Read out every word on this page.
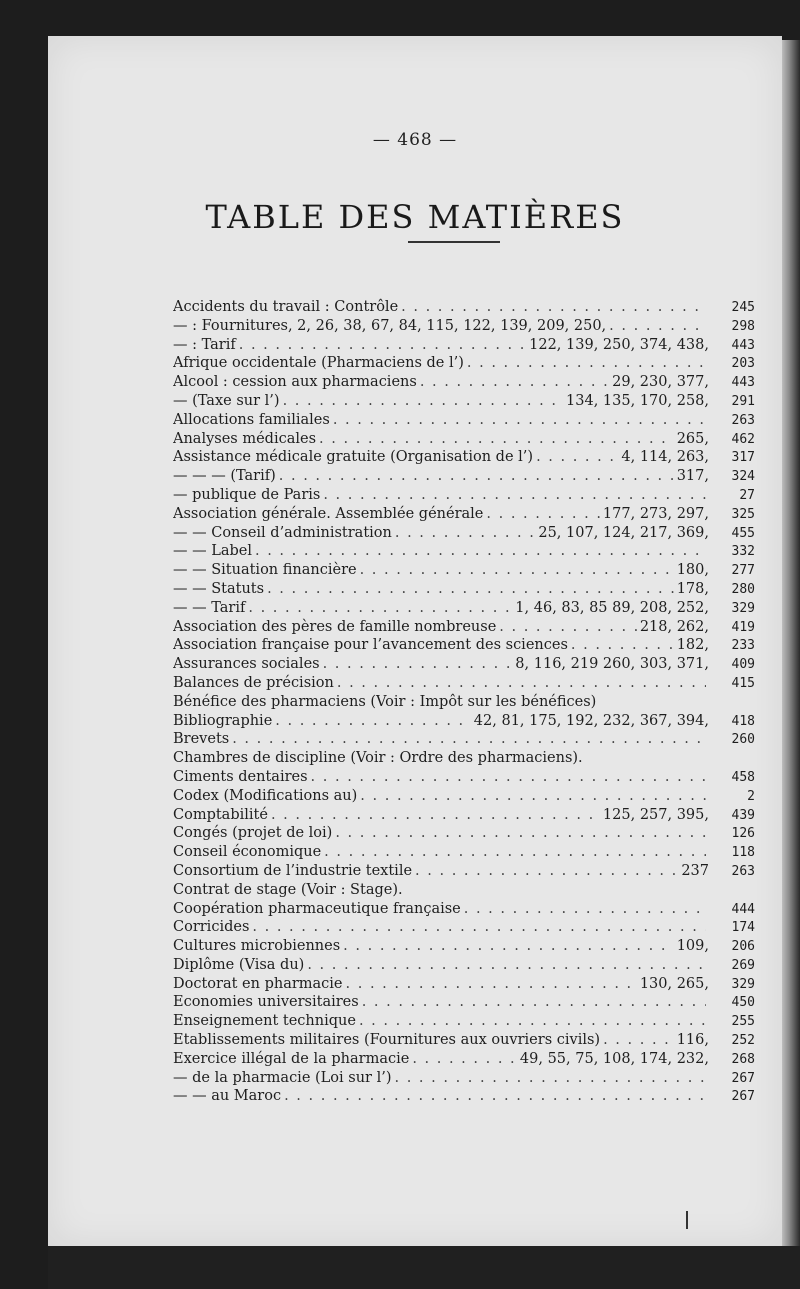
— 468 —
TABLE DES MATIÈRES
Accidents du travail : Contrôle . . .	245
— : Fournitures, 2, 26, 38, 67, 84, 115, 122, 139, 209, 250, . . .	298
— : Tarif . . .	122, 139, 250, 374, 438,	443
Afrique occidentale (Pharmaciens de l’) . . .	203
Alcool : cession aux pharmaciens . . .	29, 230, 377,	443
— (Taxe sur l’) . . .	134, 135, 170, 258,	291
Allocations familiales . . .	263
Analyses médicales . . .	265,	462
Assistance médicale gratuite (Organisation de l’) . . .	4, 114, 263,	317
— — — (Tarif) . . .	317,	324
— publique de Paris . . .	27
Association générale. Assemblée générale . . .	177, 273, 297,	325
— — Conseil d’administration . . .	25, 107, 124, 217, 369,	455
— — Label . . .	332
— — Situation financière . . .	180,	277
— — Statuts . . .	178,	280
— — Tarif . . .	1, 46, 83, 85 89, 208, 252,	329
Association des pères de famille nombreuse . . .	218, 262,	419
Association française pour l’avancement des sciences . . .	182,	233
Assurances sociales . . .	8, 116, 219 260, 303, 371,	409
Balances de précision . . .	415
Bénéfice des pharmaciens (Voir : Impôt sur les bénéfices)
Bibliographie . . .	42, 81, 175, 192, 232, 367, 394,	418
Brevets . . .	260
Chambres de discipline (Voir : Ordre des pharmaciens).
Ciments dentaires . . .	458
Codex (Modifications au) . . .	2
Comptabilité . . .	125, 257, 395,	439
Congés (projet de loi) . . .	126
Conseil économique . . .	118
Consortium de l’industrie textile . . .	237	263
Contrat de stage (Voir : Stage).
Coopération pharmaceutique française . . .	444
Corricides . . .	174
Cultures microbiennes . . .	109,	206
Diplôme (Visa du) . . .	269
Doctorat en pharmacie . . .	130, 265,	329
Economies universitaires . . .	450
Enseignement technique . . .	255
Etablissements militaires (Fournitures aux ouvriers civils) . . .	116,	252
Exercice illégal de la pharmacie . . .	49, 55, 75, 108, 174, 232,	268
— de la pharmacie (Loi sur l’) . . .	267
— — au Maroc . . .	267
